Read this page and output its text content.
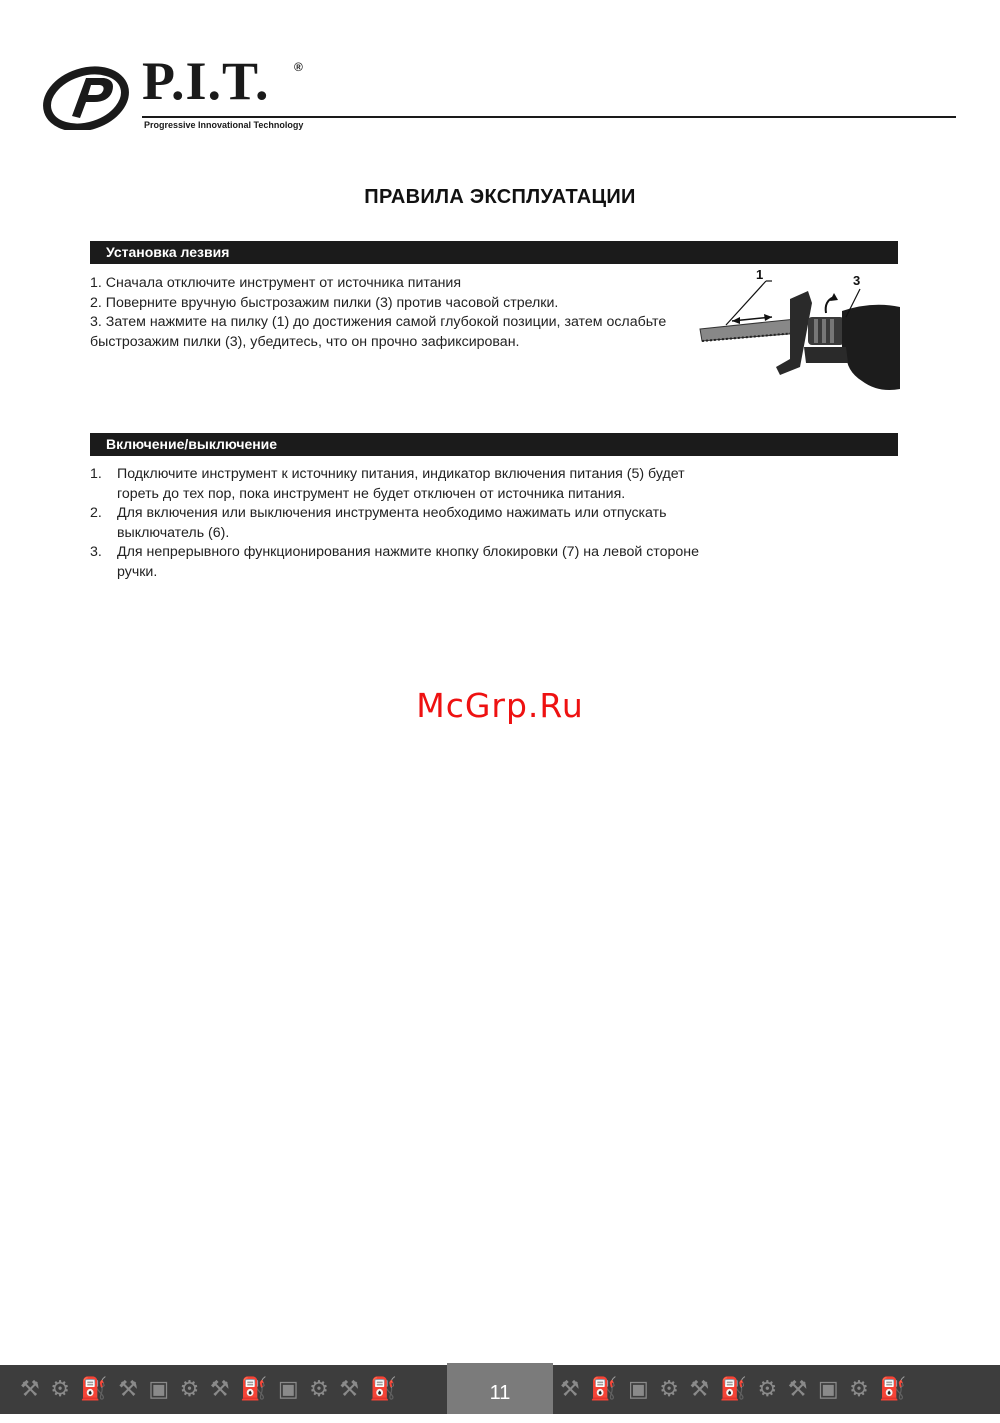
P.I.T. ®
Progressive Innovational Technology
ПРАВИЛА ЭКСПЛУАТАЦИИ
Установка лезвия
1. Сначала отключите инструмент от источника питания
2. Поверните вручную быстрозажим пилки (3) против часовой стрелки.
3. Затем нажмите на пилку (1) до достижения самой глубокой позиции, затем ослабьте
быстрозажим пилки (3), убедитесь, что он прочно зафиксирован.
1	3
Включение/выключение
1. Подключите инструмент к источнику питания, индикатор включения питания (5) будет гореть до тех пор, пока инструмент не будет отключен от источника питания.
2. Для включения или выключения инструмента необходимо нажимать или отпускать выключатель (6).
3. Для непрерывного функционирования нажмите кнопку блокировки (7) на левой стороне ручки.
McGrp.Ru
⚒ ⚙ ⛽ ⚒ ▣ ⚙ ⚒ ⛽ ▣ ⚙ ⚒ ⛽	11	⚒ ⛽ ▣ ⚙ ⚒ ⛽ ⚙ ⚒ ▣ ⚙ ⛽
